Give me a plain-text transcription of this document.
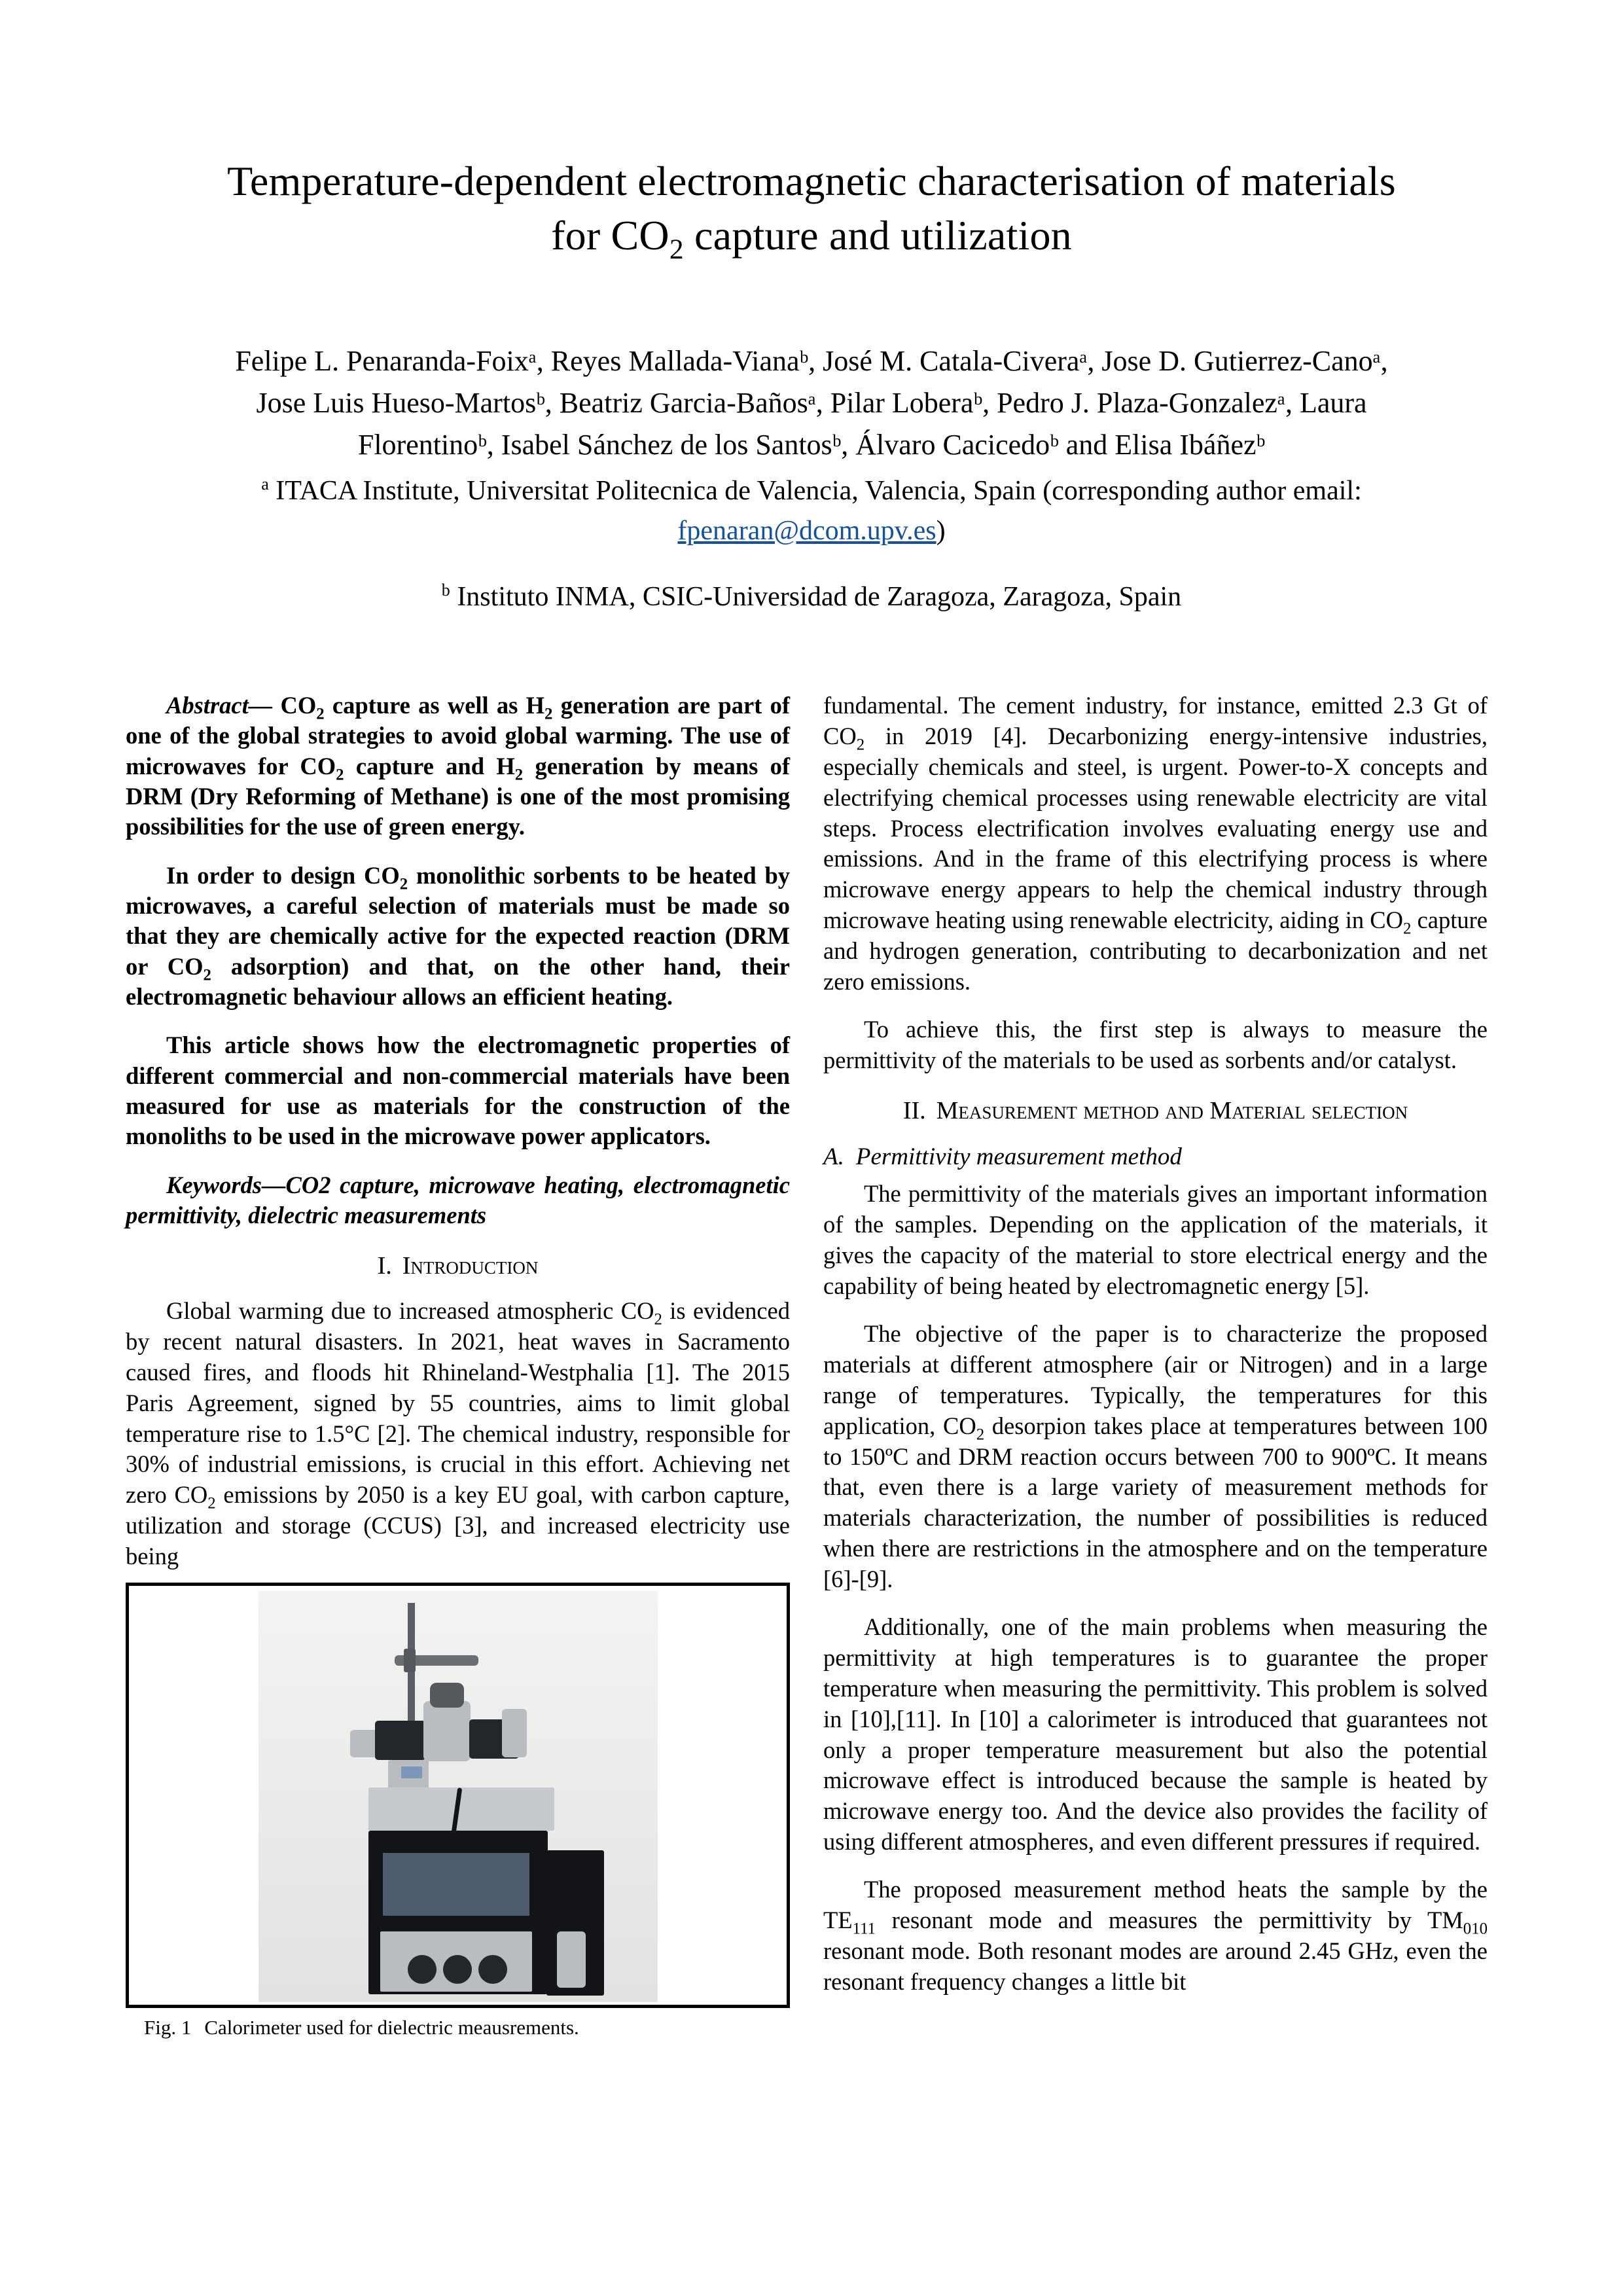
Temperature-dependent electromagnetic characterisation of materials
for $CO_2$ capture and utilization
Felipe L. Penaranda-Foixᵃ, Reyes Mallada-Vianaᵇ, José M. Catala-Civeraᵃ, Jose D. Gutierrez-Canoᵃ,
Jose Luis Hueso-Martosᵇ, Beatriz Garcia-Bañosᵃ, Pilar Loberaᵇ, Pedro J. Plaza-Gonzalezᵃ, Laura
Florentinoᵇ, Isabel Sánchez de los Santosᵇ, Álvaro Cacicedoᵇ and Elisa Ibáñezᵇ
$^a$ ITACA Institute, Universitat Politecnica de Valencia, Valencia, Spain (corresponding author email:
fpenaran@dcom.upv.es)
$^b$ Instituto INMA, CSIC-Universidad de Zaragoza, Zaragoza, Spain

Abstract— $CO_2$ capture as well as $H_2$ generation are part of one of the global strategies to avoid global warming. The use of microwaves for $CO_2$ capture and $H_2$ generation by means of DRM (Dry Reforming of Methane) is one of the most promising possibilities for the use of green energy.

In order to design $CO_2$ monolithic sorbents to be heated by microwaves, a careful selection of materials must be made so that they are chemically active for the expected reaction (DRM or $CO_2$ adsorption) and that, on the other hand, their electromagnetic behaviour allows an efficient heating.

This article shows how the electromagnetic properties of different commercial and non-commercial materials have been measured for use as materials for the construction of the monoliths to be used in the microwave power applicators.

Keywords—CO2 capture, microwave heating, electromagnetic permittivity, dielectric measurements

I. Introduction

Global warming due to increased atmospheric $CO_2$ is evidenced by recent natural disasters. In 2021, heat waves in Sacramento caused fires, and floods hit Rhineland-Westphalia [1]. The 2015 Paris Agreement, signed by 55 countries, aims to limit global temperature rise to 1.5°C [2]. The chemical industry, responsible for 30% of industrial emissions, is crucial in this effort. Achieving net zero $CO_2$ emissions by 2050 is a key EU goal, with carbon capture, utilization and storage (CCUS) [3], and increased electricity use being

Fig. 1 Calorimeter used for dielectric meausrements.

fundamental. The cement industry, for instance, emitted 2.3 Gt of $CO_2$ in 2019 [4]. Decarbonizing energy-intensive industries, especially chemicals and steel, is urgent. Power-to-X concepts and electrifying chemical processes using renewable electricity are vital steps. Process electrification involves evaluating energy use and emissions. And in the frame of this electrifying process is where microwave energy appears to help the chemical industry through microwave heating using renewable electricity, aiding in $CO_2$ capture and hydrogen generation, contributing to decarbonization and net zero emissions.

To achieve this, the first step is always to measure the permittivity of the materials to be used as sorbents and/or catalyst.

II. Measurement method and Material selection
A. Permittivity measurement method

The permittivity of the materials gives an important information of the samples. Depending on the application of the materials, it gives the capacity of the material to store electrical energy and the capability of being heated by electromagnetic energy [5].

The objective of the paper is to characterize the proposed materials at different atmosphere (air or Nitrogen) and in a large range of temperatures. Typically, the temperatures for this application, $CO_2$ desorpion takes place at temperatures between 100 to 150ºC and DRM reaction occurs between 700 to 900ºC. It means that, even there is a large variety of measurement methods for materials characterization, the number of possibilities is reduced when there are restrictions in the atmosphere and on the temperature [6]-[9].

Additionally, one of the main problems when measuring the permittivity at high temperatures is to guarantee the proper temperature when measuring the permittivity. This problem is solved in [10],[11]. In [10] a calorimeter is introduced that guarantees not only a proper temperature measurement but also the potential microwave effect is introduced because the sample is heated by microwave energy too. And the device also provides the facility of using different atmospheres, and even different pressures if required.

The proposed measurement method heats the sample by the $TE_{111}$ resonant mode and measures the permittivity by $TM_{010}$ resonant mode. Both resonant modes are around 2.45 GHz, even the resonant frequency changes a little bit
